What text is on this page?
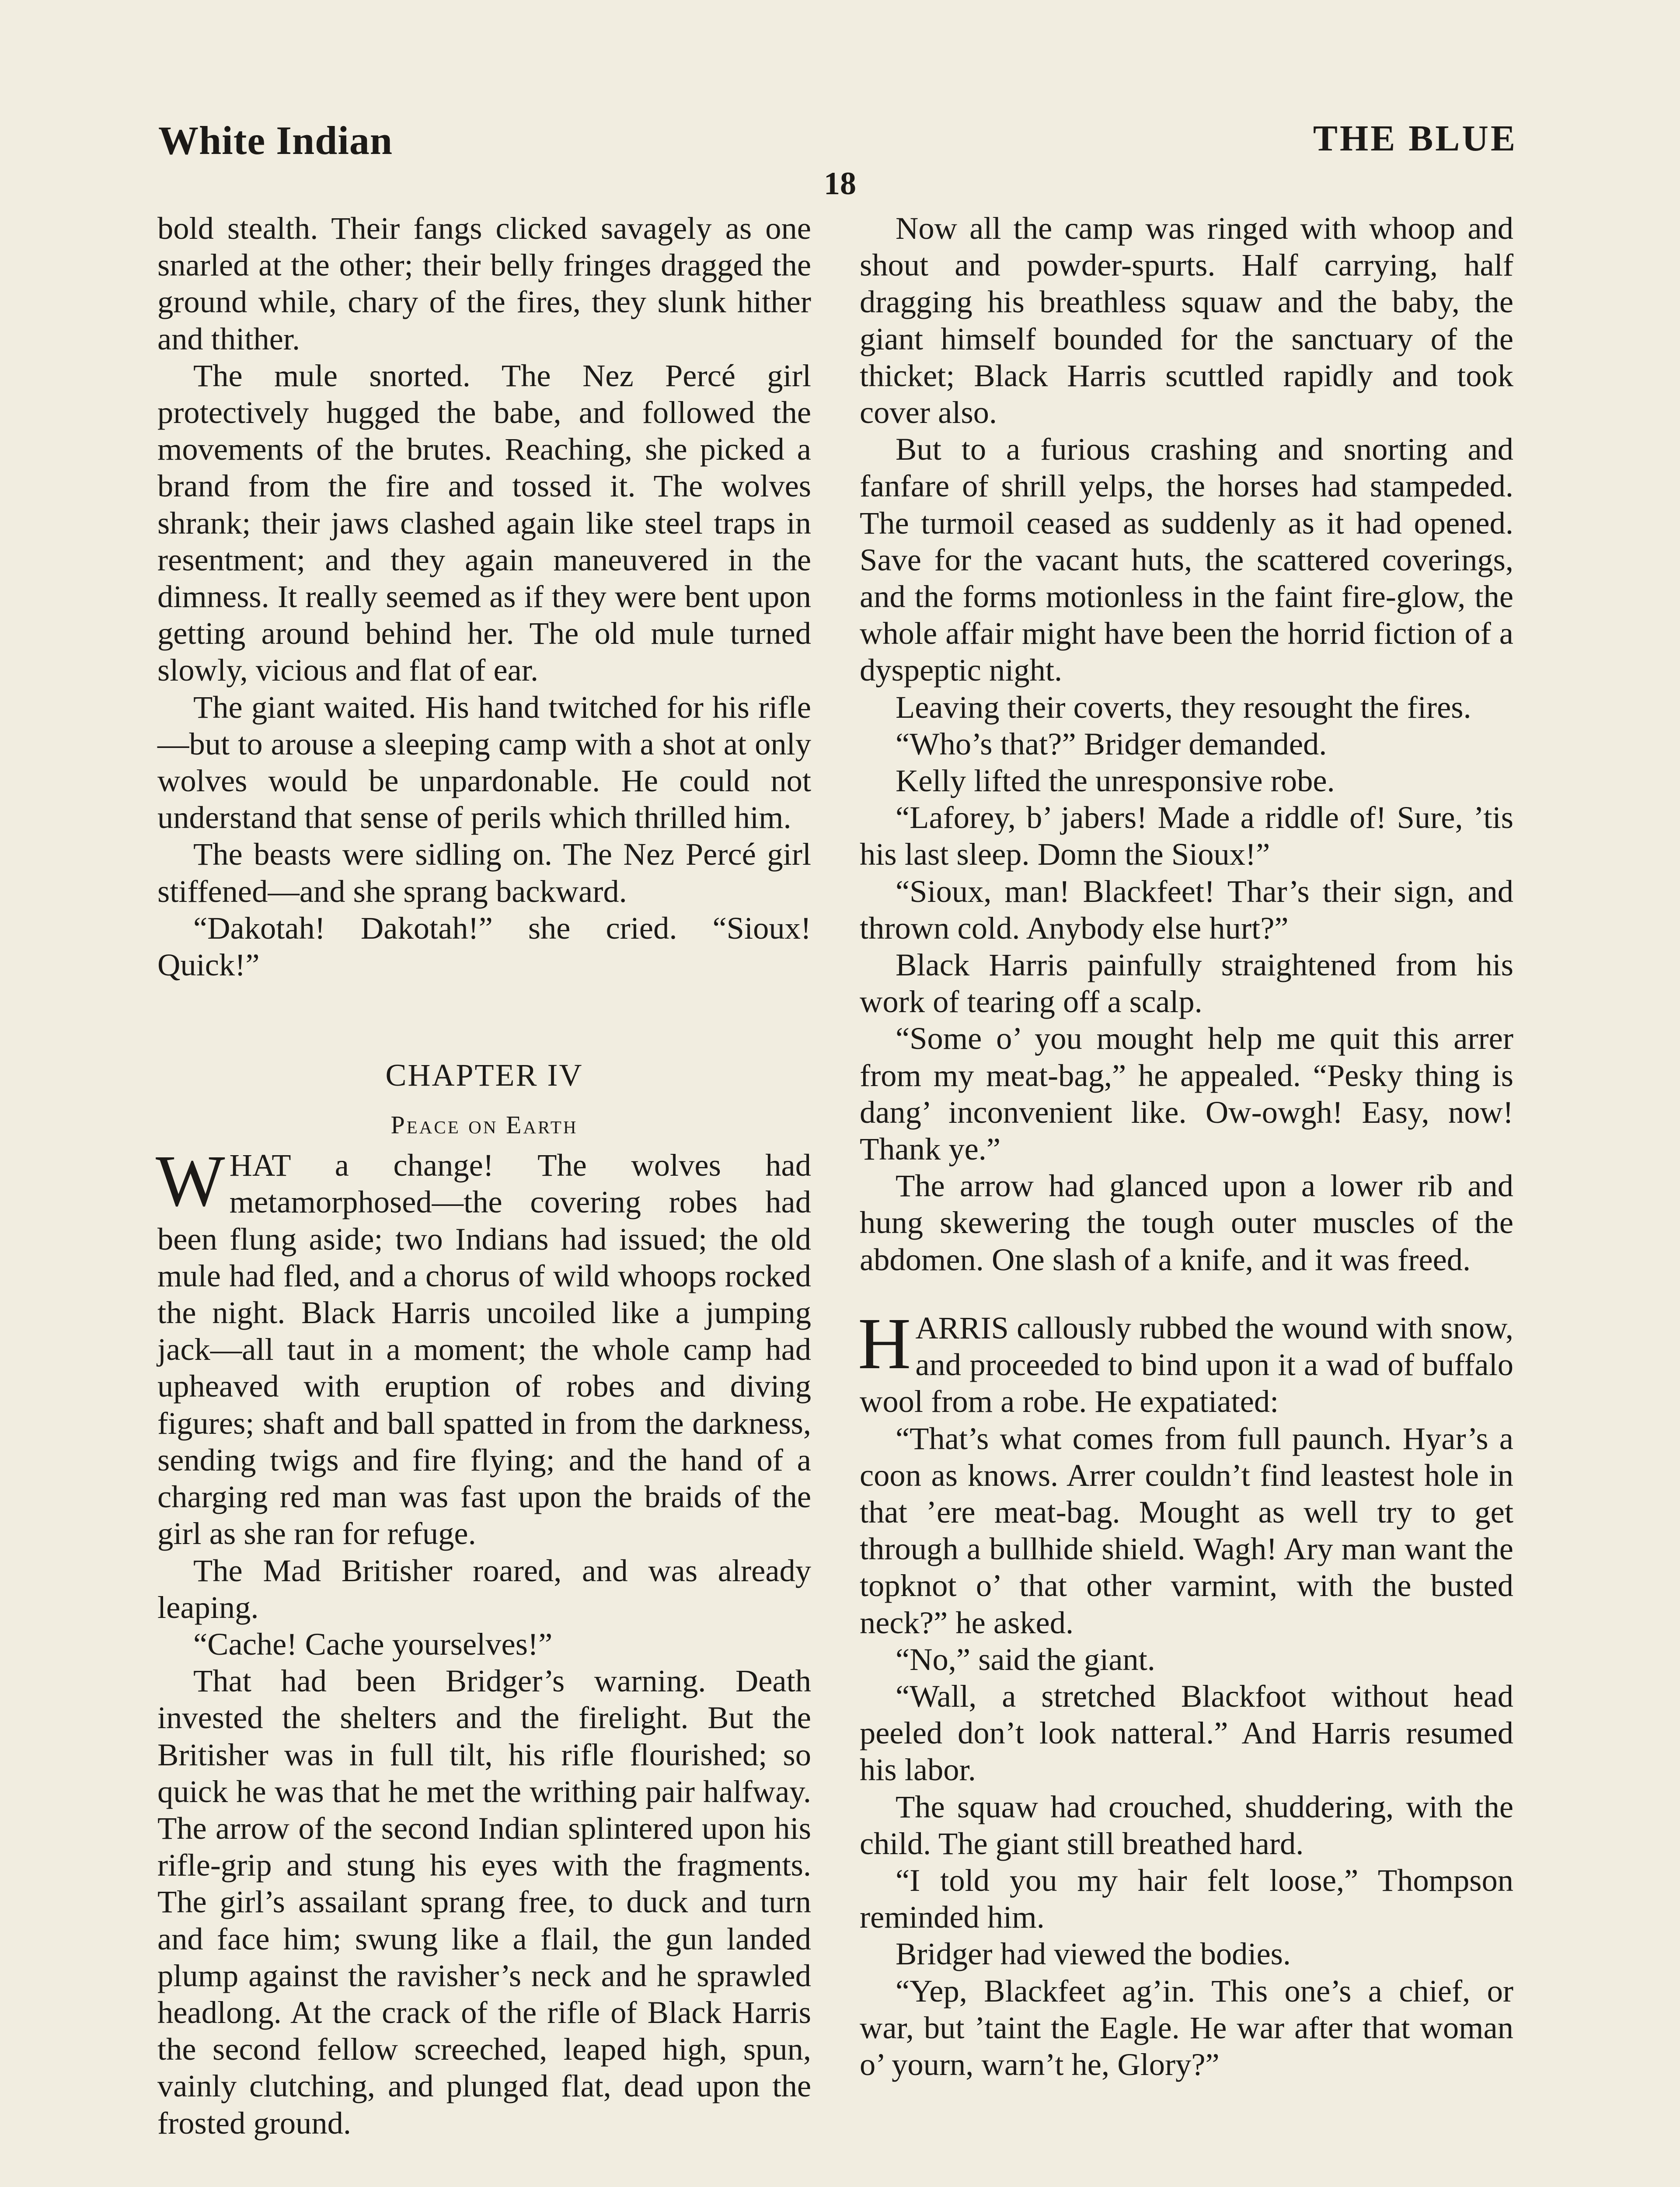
White Indian	THE BLUE
18

bold stealth. Their fangs clicked savagely as one snarled at the other; their belly fringes dragged the ground while, chary of the fires, they slunk hither and thither.

The mule snorted. The Nez Percé girl protectively hugged the babe, and followed the movements of the brutes. Reaching, she picked a brand from the fire and tossed it. The wolves shrank; their jaws clashed again like steel traps in resentment; and they again maneuvered in the dimness. It really seemed as if they were bent upon getting around behind her. The old mule turned slowly, vicious and flat of ear.

The giant waited. His hand twitched for his rifle—but to arouse a sleeping camp with a shot at only wolves would be unpardonable. He could not understand that sense of perils which thrilled him.

The beasts were sidling on. The Nez Percé girl stiffened—and she sprang backward.

“Dakotah! Dakotah!” she cried. “Sioux! Quick!”

CHAPTER IV
Peace on Earth

WHAT a change! The wolves had metamorphosed—the covering robes had been flung aside; two Indians had issued; the old mule had fled, and a chorus of wild whoops rocked the night. Black Harris uncoiled like a jumping jack—all taut in a moment; the whole camp had upheaved with eruption of robes and diving figures; shaft and ball spatted in from the darkness, sending twigs and fire flying; and the hand of a charging red man was fast upon the braids of the girl as she ran for refuge.

The Mad Britisher roared, and was already leaping.

“Cache! Cache yourselves!”

That had been Bridger’s warning. Death invested the shelters and the firelight. But the Britisher was in full tilt, his rifle flourished; so quick he was that he met the writhing pair halfway. The arrow of the second Indian splintered upon his rifle-grip and stung his eyes with the fragments. The girl’s assailant sprang free, to duck and turn and face him; swung like a flail, the gun landed plump against the ravisher’s neck and he sprawled headlong. At the crack of the rifle of Black Harris the second fellow screeched, leaped high, spun, vainly clutching, and plunged flat, dead upon the frosted ground.

Now all the camp was ringed with whoop and shout and powder-spurts. Half carrying, half dragging his breathless squaw and the baby, the giant himself bounded for the sanctuary of the thicket; Black Harris scuttled rapidly and took cover also.

But to a furious crashing and snorting and fanfare of shrill yelps, the horses had stampeded. The turmoil ceased as suddenly as it had opened. Save for the vacant huts, the scattered coverings, and the forms motionless in the faint fire-glow, the whole affair might have been the horrid fiction of a dyspeptic night.

Leaving their coverts, they resought the fires.

“Who’s that?” Bridger demanded.

Kelly lifted the unresponsive robe.

“Laforey, b’ jabers! Made a riddle of! Sure, ’tis his last sleep. Domn the Sioux!”

“Sioux, man! Blackfeet! Thar’s their sign, and thrown cold. Anybody else hurt?”

Black Harris painfully straightened from his work of tearing off a scalp.

“Some o’ you mought help me quit this arrer from my meat-bag,” he appealed. “Pesky thing is dang’ inconvenient like. Ow-owgh! Easy, now! Thank ye.”

The arrow had glanced upon a lower rib and hung skewering the tough outer muscles of the abdomen. One slash of a knife, and it was freed.

HARRIS callously rubbed the wound with snow, and proceeded to bind upon it a wad of buffalo wool from a robe. He expatiated:

“That’s what comes from full paunch. Hyar’s a coon as knows. Arrer couldn’t find leastest hole in that ’ere meat-bag. Mought as well try to get through a bullhide shield. Wagh! Ary man want the topknot o’ that other varmint, with the busted neck?” he asked.

“No,” said the giant.

“Wall, a stretched Blackfoot without head peeled don’t look natteral.” And Harris resumed his labor.

The squaw had crouched, shuddering, with the child. The giant still breathed hard.

“I told you my hair felt loose,” Thompson reminded him.

Bridger had viewed the bodies.

“Yep, Blackfeet ag’in. This one’s a chief, or war, but ’taint the Eagle. He war after that woman o’ yourn, warn’t he, Glory?”
